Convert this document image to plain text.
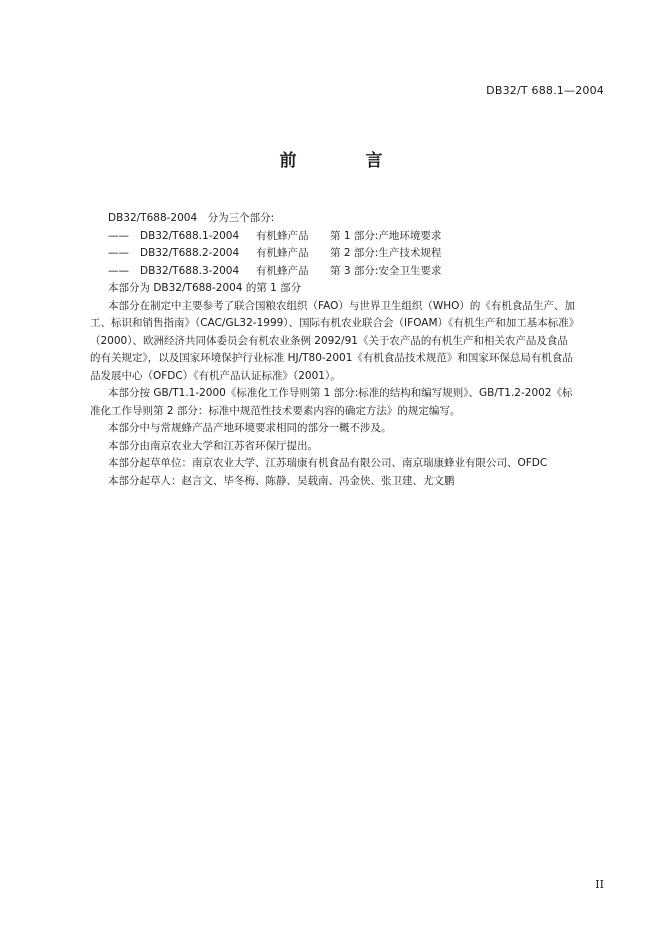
DB32/T 688.1—2004
前　言
DB32/T688-2004　分为三个部分:
—— DB32/T688.1-2004 有机蜂产品 第 1 部分:产地环境要求
—— DB32/T688.2-2004 有机蜂产品 第 2 部分:生产技术规程
—— DB32/T688.3-2004 有机蜂产品 第 3 部分:安全卫生要求
本部分为 DB32/T688-2004 的第 1 部分
本部分在制定中主要参考了联合国粮农组织（FAO）与世界卫生组织（WHO）的《有机食品生产、加
工、标识和销售指南》（CAC/GL32-1999）、国际有机农业联合会（IFOAM）《有机生产和加工基本标准》
（2000）、欧洲经济共同体委员会有机农业条例 2092/91《关于农产品的有机生产和相关农产品及食品
的有关规定》，以及国家环境保护行业标准 HJ/T80-2001《有机食品技术规范》和国家环保总局有机食品
品发展中心（OFDC）《有机产品认证标准》（2001）。
本部分按 GB/T1.1-2000《标准化工作导则第 1 部分:标准的结构和编写规则》、GB/T1.2-2002《标
准化工作导则第 2 部分：标准中规范性技术要素内容的确定方法》的规定编写。
本部分中与常规蜂产品产地环境要求相同的部分一概不涉及。
本部分由南京农业大学和江苏省环保厅提出。
本部分起草单位：南京农业大学、江苏瑞康有机食品有限公司、南京瑞康蜂业有限公司、OFDC
本部分起草人：赵言文、毕冬梅、陈静、吴载南、冯金侠、张卫建、尤文鹏
II
